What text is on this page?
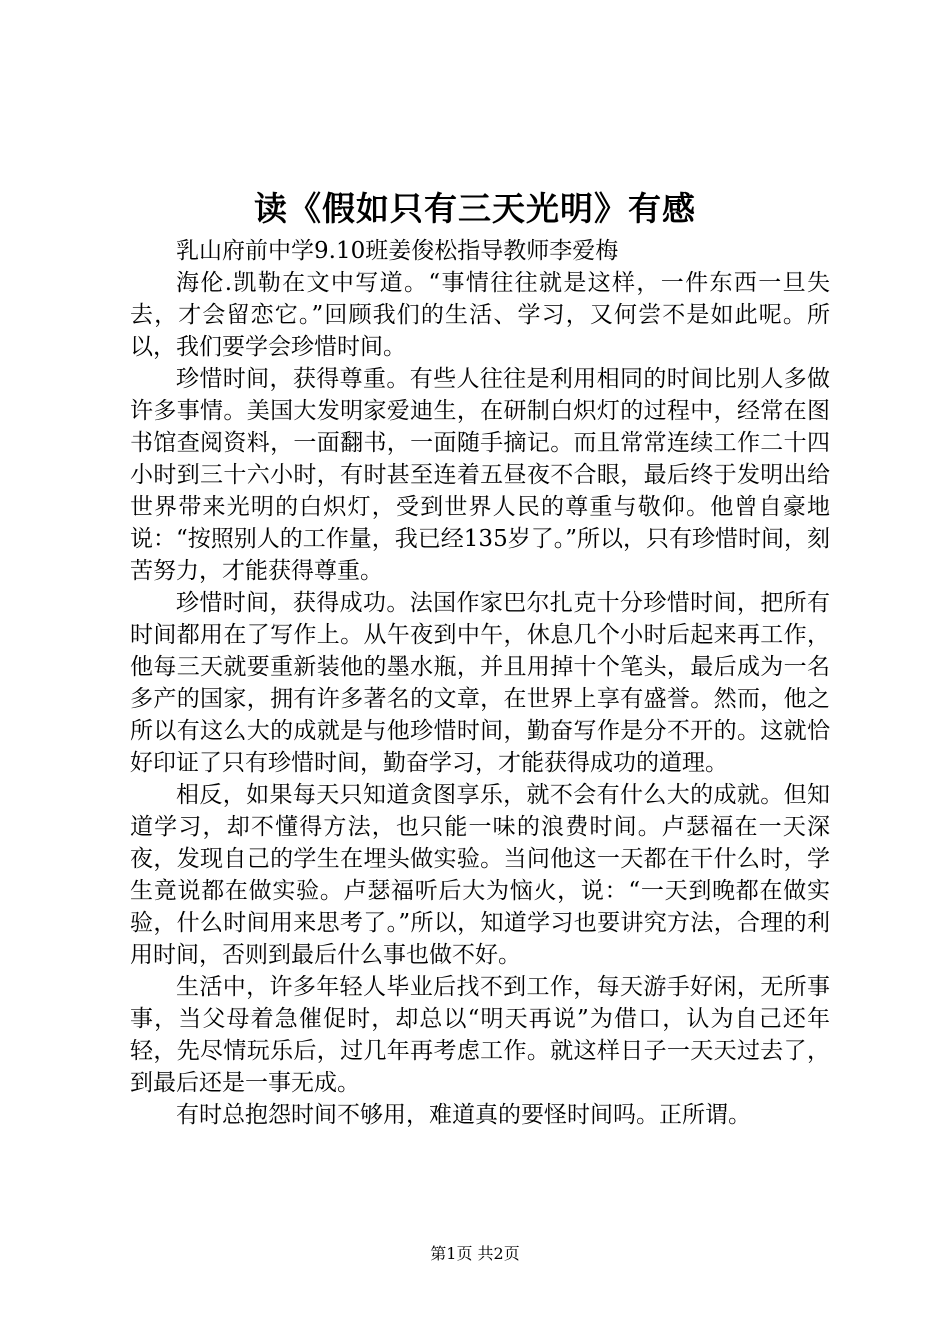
读《假如只有三天光明》有感

乳山府前中学9.10班姜俊松指导教师李爱梅

海伦.凯勒在文中写道。“事情往往就是这样，一件东西一旦失去，才会留恋它。”回顾我们的生活、学习，又何尝不是如此呢。所以，我们要学会珍惜时间。

珍惜时间，获得尊重。有些人往往是利用相同的时间比别人多做许多事情。美国大发明家爱迪生，在研制白炽灯的过程中，经常在图书馆查阅资料，一面翻书，一面随手摘记。而且常常连续工作二十四小时到三十六小时，有时甚至连着五昼夜不合眼，最后终于发明出给世界带来光明的白炽灯，受到世界人民的尊重与敬仰。他曾自豪地说：“按照别人的工作量，我已经135岁了。”所以，只有珍惜时间，刻苦努力，才能获得尊重。

珍惜时间，获得成功。法国作家巴尔扎克十分珍惜时间，把所有时间都用在了写作上。从午夜到中午，休息几个小时后起来再工作，他每三天就要重新装他的墨水瓶，并且用掉十个笔头，最后成为一名多产的国家，拥有许多著名的文章，在世界上享有盛誉。然而，他之所以有这么大的成就是与他珍惜时间，勤奋写作是分不开的。这就恰好印证了只有珍惜时间，勤奋学习，才能获得成功的道理。

相反，如果每天只知道贪图享乐，就不会有什么大的成就。但知道学习，却不懂得方法，也只能一味的浪费时间。卢瑟福在一天深夜，发现自己的学生在埋头做实验。当问他这一天都在干什么时，学生竟说都在做实验。卢瑟福听后大为恼火，说：“一天到晚都在做实验，什么时间用来思考了。”所以，知道学习也要讲究方法，合理的利用时间，否则到最后什么事也做不好。

生活中，许多年轻人毕业后找不到工作，每天游手好闲，无所事事，当父母着急催促时，却总以“明天再说”为借口，认为自己还年轻，先尽情玩乐后，过几年再考虑工作。就这样日子一天天过去了，到最后还是一事无成。

有时总抱怨时间不够用，难道真的要怪时间吗。正所谓。

第1页 共2页
